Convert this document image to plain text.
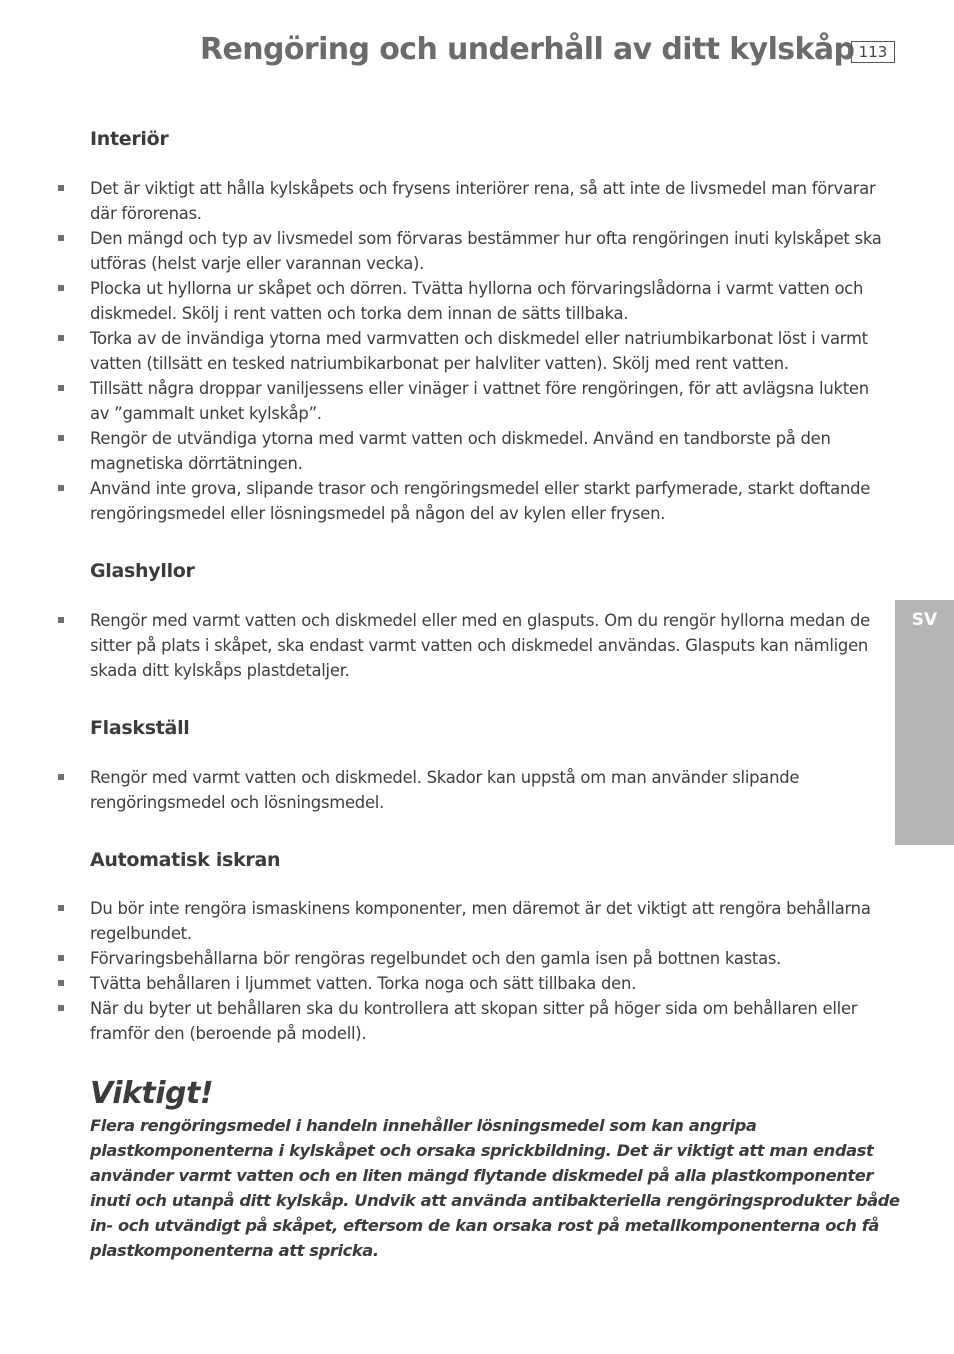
Rengöring och underhåll av ditt kylskåp 113
SV
Interiör
Det är viktigt att hålla kylskåpets och frysens interiörer rena, så att inte de livsmedel man förvarar där förorenas.
Den mängd och typ av livsmedel som förvaras bestämmer hur ofta rengöringen inuti kylskåpet ska utföras (helst varje eller varannan vecka).
Plocka ut hyllorna ur skåpet och dörren. Tvätta hyllorna och förvaringslådorna i varmt vatten och diskmedel. Skölj i rent vatten och torka dem innan de sätts tillbaka.
Torka av de invändiga ytorna med varmvatten och diskmedel eller natriumbikarbonat löst i varmt vatten (tillsätt en tesked natriumbikarbonat per halvliter vatten). Skölj med rent vatten.
Tillsätt några droppar vaniljessens eller vinäger i vattnet före rengöringen, för att avlägsna lukten av ”gammalt unket kylskåp”.
Rengör de utvändiga ytorna med varmt vatten och diskmedel. Använd en tandborste på den magnetiska dörrtätningen.
Använd inte grova, slipande trasor och rengöringsmedel eller starkt parfymerade, starkt doftande rengöringsmedel eller lösningsmedel på någon del av kylen eller frysen.
Glashyllor
Rengör med varmt vatten och diskmedel eller med en glasputs. Om du rengör hyllorna medan de sitter på plats i skåpet, ska endast varmt vatten och diskmedel användas. Glasputs kan nämligen skada ditt kylskåps plastdetaljer.
Flaskställ
Rengör med varmt vatten och diskmedel. Skador kan uppstå om man använder slipande rengöringsmedel och lösningsmedel.
Automatisk iskran
Du bör inte rengöra ismaskinens komponenter, men däremot är det viktigt att rengöra behållarna regelbundet.
Förvaringsbehållarna bör rengöras regelbundet och den gamla isen på bottnen kastas.
Tvätta behållaren i ljummet vatten. Torka noga och sätt tillbaka den.
När du byter ut behållaren ska du kontrollera att skopan sitter på höger sida om behållaren eller framför den (beroende på modell).
Viktigt!
Flera rengöringsmedel i handeln innehåller lösningsmedel som kan angripa
plastkomponenterna i kylskåpet och orsaka sprickbildning. Det är viktigt att man endast
använder varmt vatten och en liten mängd flytande diskmedel på alla plastkomponenter
inuti och utanpå ditt kylskåp. Undvik att använda antibakteriella rengöringsprodukter både
in- och utvändigt på skåpet, eftersom de kan orsaka rost på metallkomponenterna och få
plastkomponenterna att spricka.
